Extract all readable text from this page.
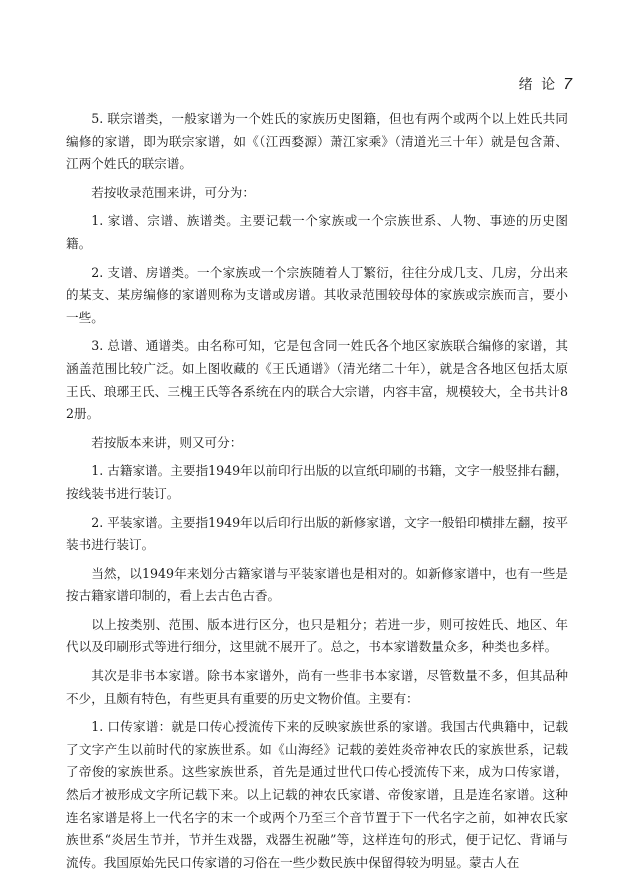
绪 论 7

5. 联宗谱类，一般家谱为一个姓氏的家族历史图籍，但也有两个或两个以上姓氏共同编修的家谱，即为联宗家谱，如《（江西婺源）萧江家乘》（清道光三十年）就是包含萧、江两个姓氏的联宗谱。

若按收录范围来讲，可分为：

1. 家谱、宗谱、族谱类。主要记载一个家族或一个宗族世系、人物、事迹的历史图籍。

2. 支谱、房谱类。一个家族或一个宗族随着人丁繁衍，往往分成几支、几房，分出来的某支、某房编修的家谱则称为支谱或房谱。其收录范围较母体的家族或宗族而言，要小一些。

3. 总谱、通谱类。由名称可知，它是包含同一姓氏各个地区家族联合编修的家谱，其涵盖范围比较广泛。如上图收藏的《王氏通谱》（清光绪二十年），就是含各地区包括太原王氏、琅琊王氏、三槐王氏等各系统在内的联合大宗谱，内容丰富，规模较大，全书共计82册。

若按版本来讲，则又可分：

1. 古籍家谱。主要指1949年以前印行出版的以宣纸印刷的书籍，文字一般竖排右翻，按线装书进行装订。

2. 平装家谱。主要指1949年以后印行出版的新修家谱，文字一般铅印横排左翻，按平装书进行装订。

当然，以1949年来划分古籍家谱与平装家谱也是相对的。如新修家谱中，也有一些是按古籍家谱印制的，看上去古色古香。

以上按类别、范围、版本进行区分，也只是粗分；若进一步，则可按姓氏、地区、年代以及印刷形式等进行细分，这里就不展开了。总之，书本家谱数量众多，种类也多样。

其次是非书本家谱。除书本家谱外，尚有一些非书本家谱，尽管数量不多，但其品种不少，且颇有特色，有些更具有重要的历史文物价值。主要有：

1. 口传家谱：就是口传心授流传下来的反映家族世系的家谱。我国古代典籍中，记载了文字产生以前时代的家族世系。如《山海经》记载的姜姓炎帝神农氏的家族世系，记载了帝俊的家族世系。这些家族世系，首先是通过世代口传心授流传下来，成为口传家谱，然后才被形成文字所记载下来。以上记载的神农氏家谱、帝俊家谱，且是连名家谱。这种连名家谱是将上一代名字的末一个或两个乃至三个音节置于下一代名字之前，如神农氏家族世系“炎居生节并，节并生戏器，戏器生祝融”等，这样连句的形式，便于记忆、背诵与流传。我国原始先民口传家谱的习俗在一些少数民族中保留得较为明显。蒙古人在
